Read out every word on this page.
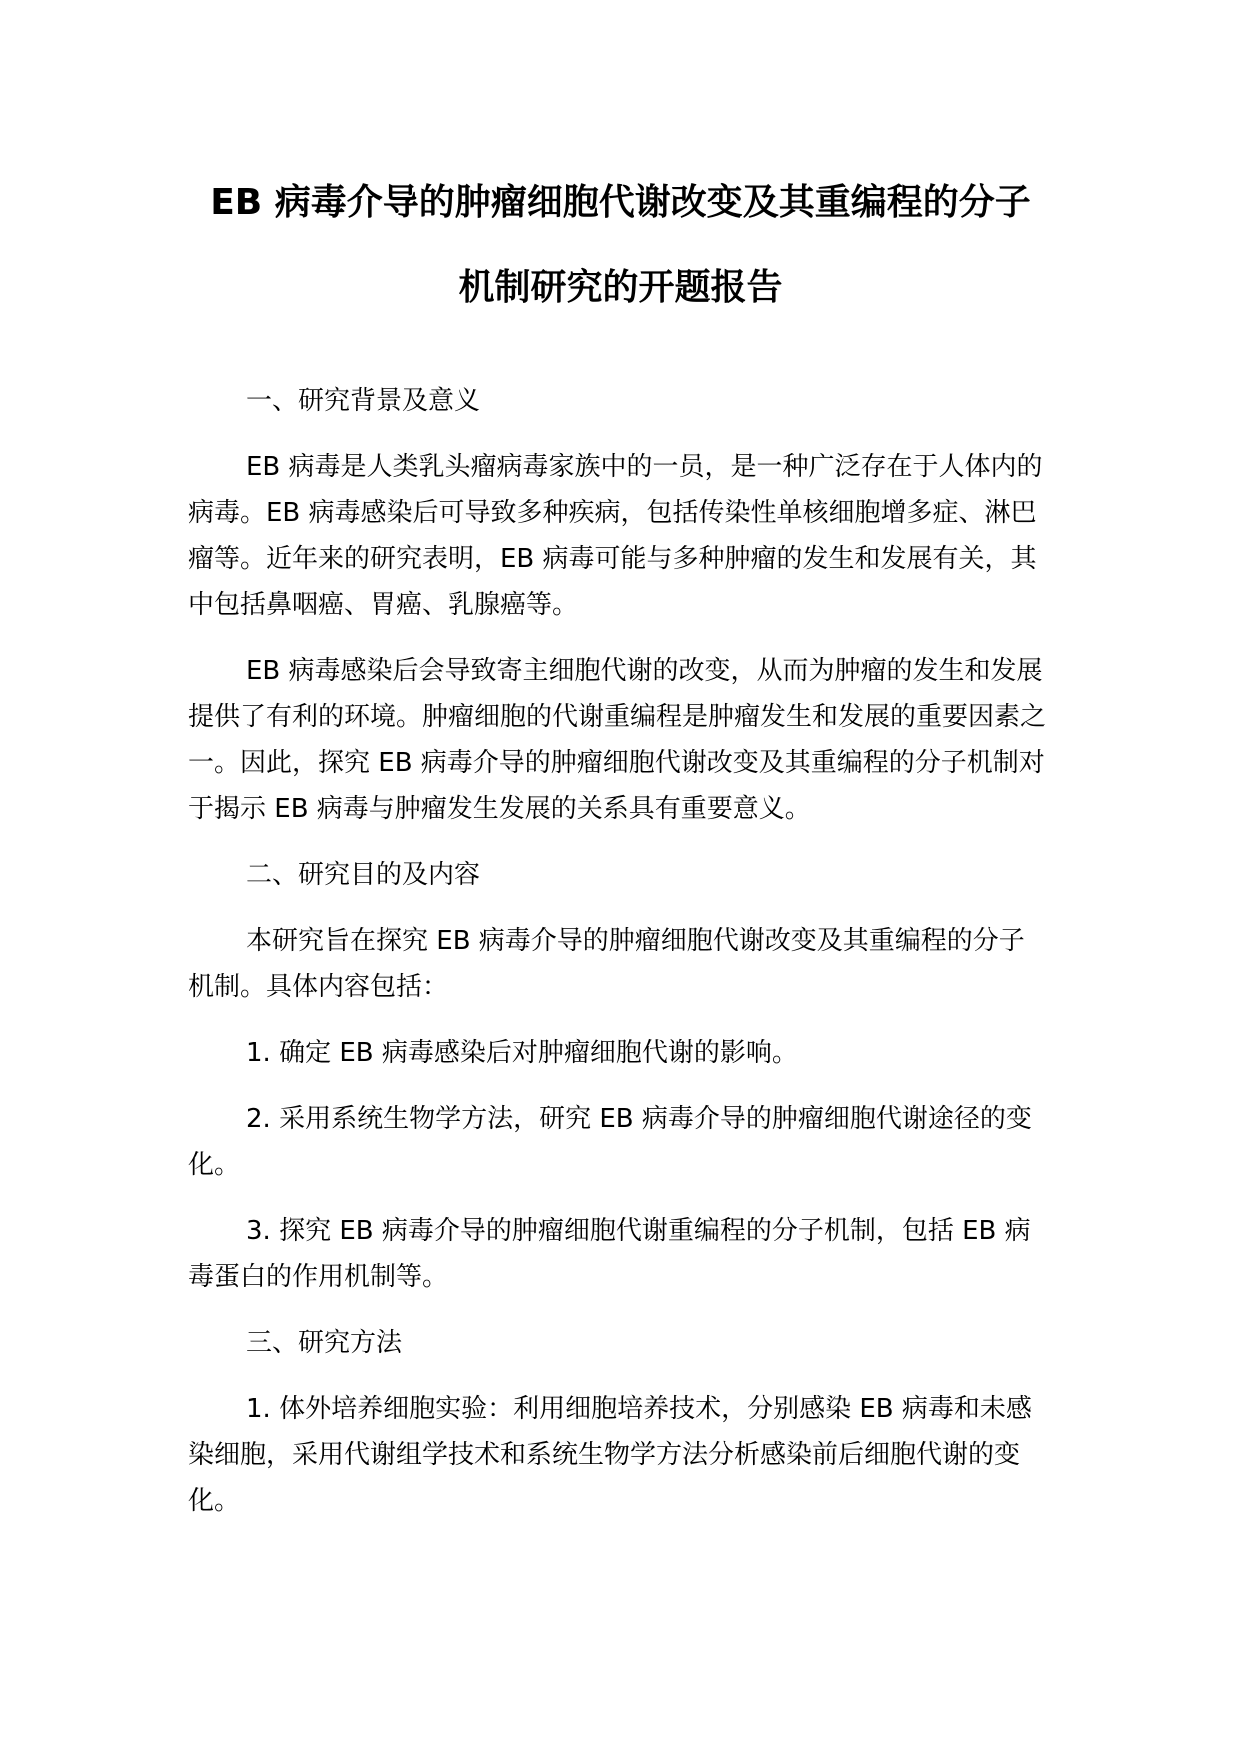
EB 病毒介导的肿瘤细胞代谢改变及其重编程的分子
机制研究的开题报告

一、研究背景及意义

EB 病毒是人类乳头瘤病毒家族中的一员，是一种广泛存在于人体内的病毒。EB 病毒感染后可导致多种疾病，包括传染性单核细胞增多症、淋巴瘤等。近年来的研究表明，EB 病毒可能与多种肿瘤的发生和发展有关，其中包括鼻咽癌、胃癌、乳腺癌等。

EB 病毒感染后会导致寄主细胞代谢的改变，从而为肿瘤的发生和发展提供了有利的环境。肿瘤细胞的代谢重编程是肿瘤发生和发展的重要因素之一。因此，探究 EB 病毒介导的肿瘤细胞代谢改变及其重编程的分子机制对于揭示 EB 病毒与肿瘤发生发展的关系具有重要意义。

二、研究目的及内容

本研究旨在探究 EB 病毒介导的肿瘤细胞代谢改变及其重编程的分子机制。具体内容包括：

1. 确定 EB 病毒感染后对肿瘤细胞代谢的影响。

2. 采用系统生物学方法，研究 EB 病毒介导的肿瘤细胞代谢途径的变化。

3. 探究 EB 病毒介导的肿瘤细胞代谢重编程的分子机制，包括 EB 病毒蛋白的作用机制等。

三、研究方法

1. 体外培养细胞实验：利用细胞培养技术，分别感染 EB 病毒和未感染细胞，采用代谢组学技术和系统生物学方法分析感染前后细胞代谢的变化。
